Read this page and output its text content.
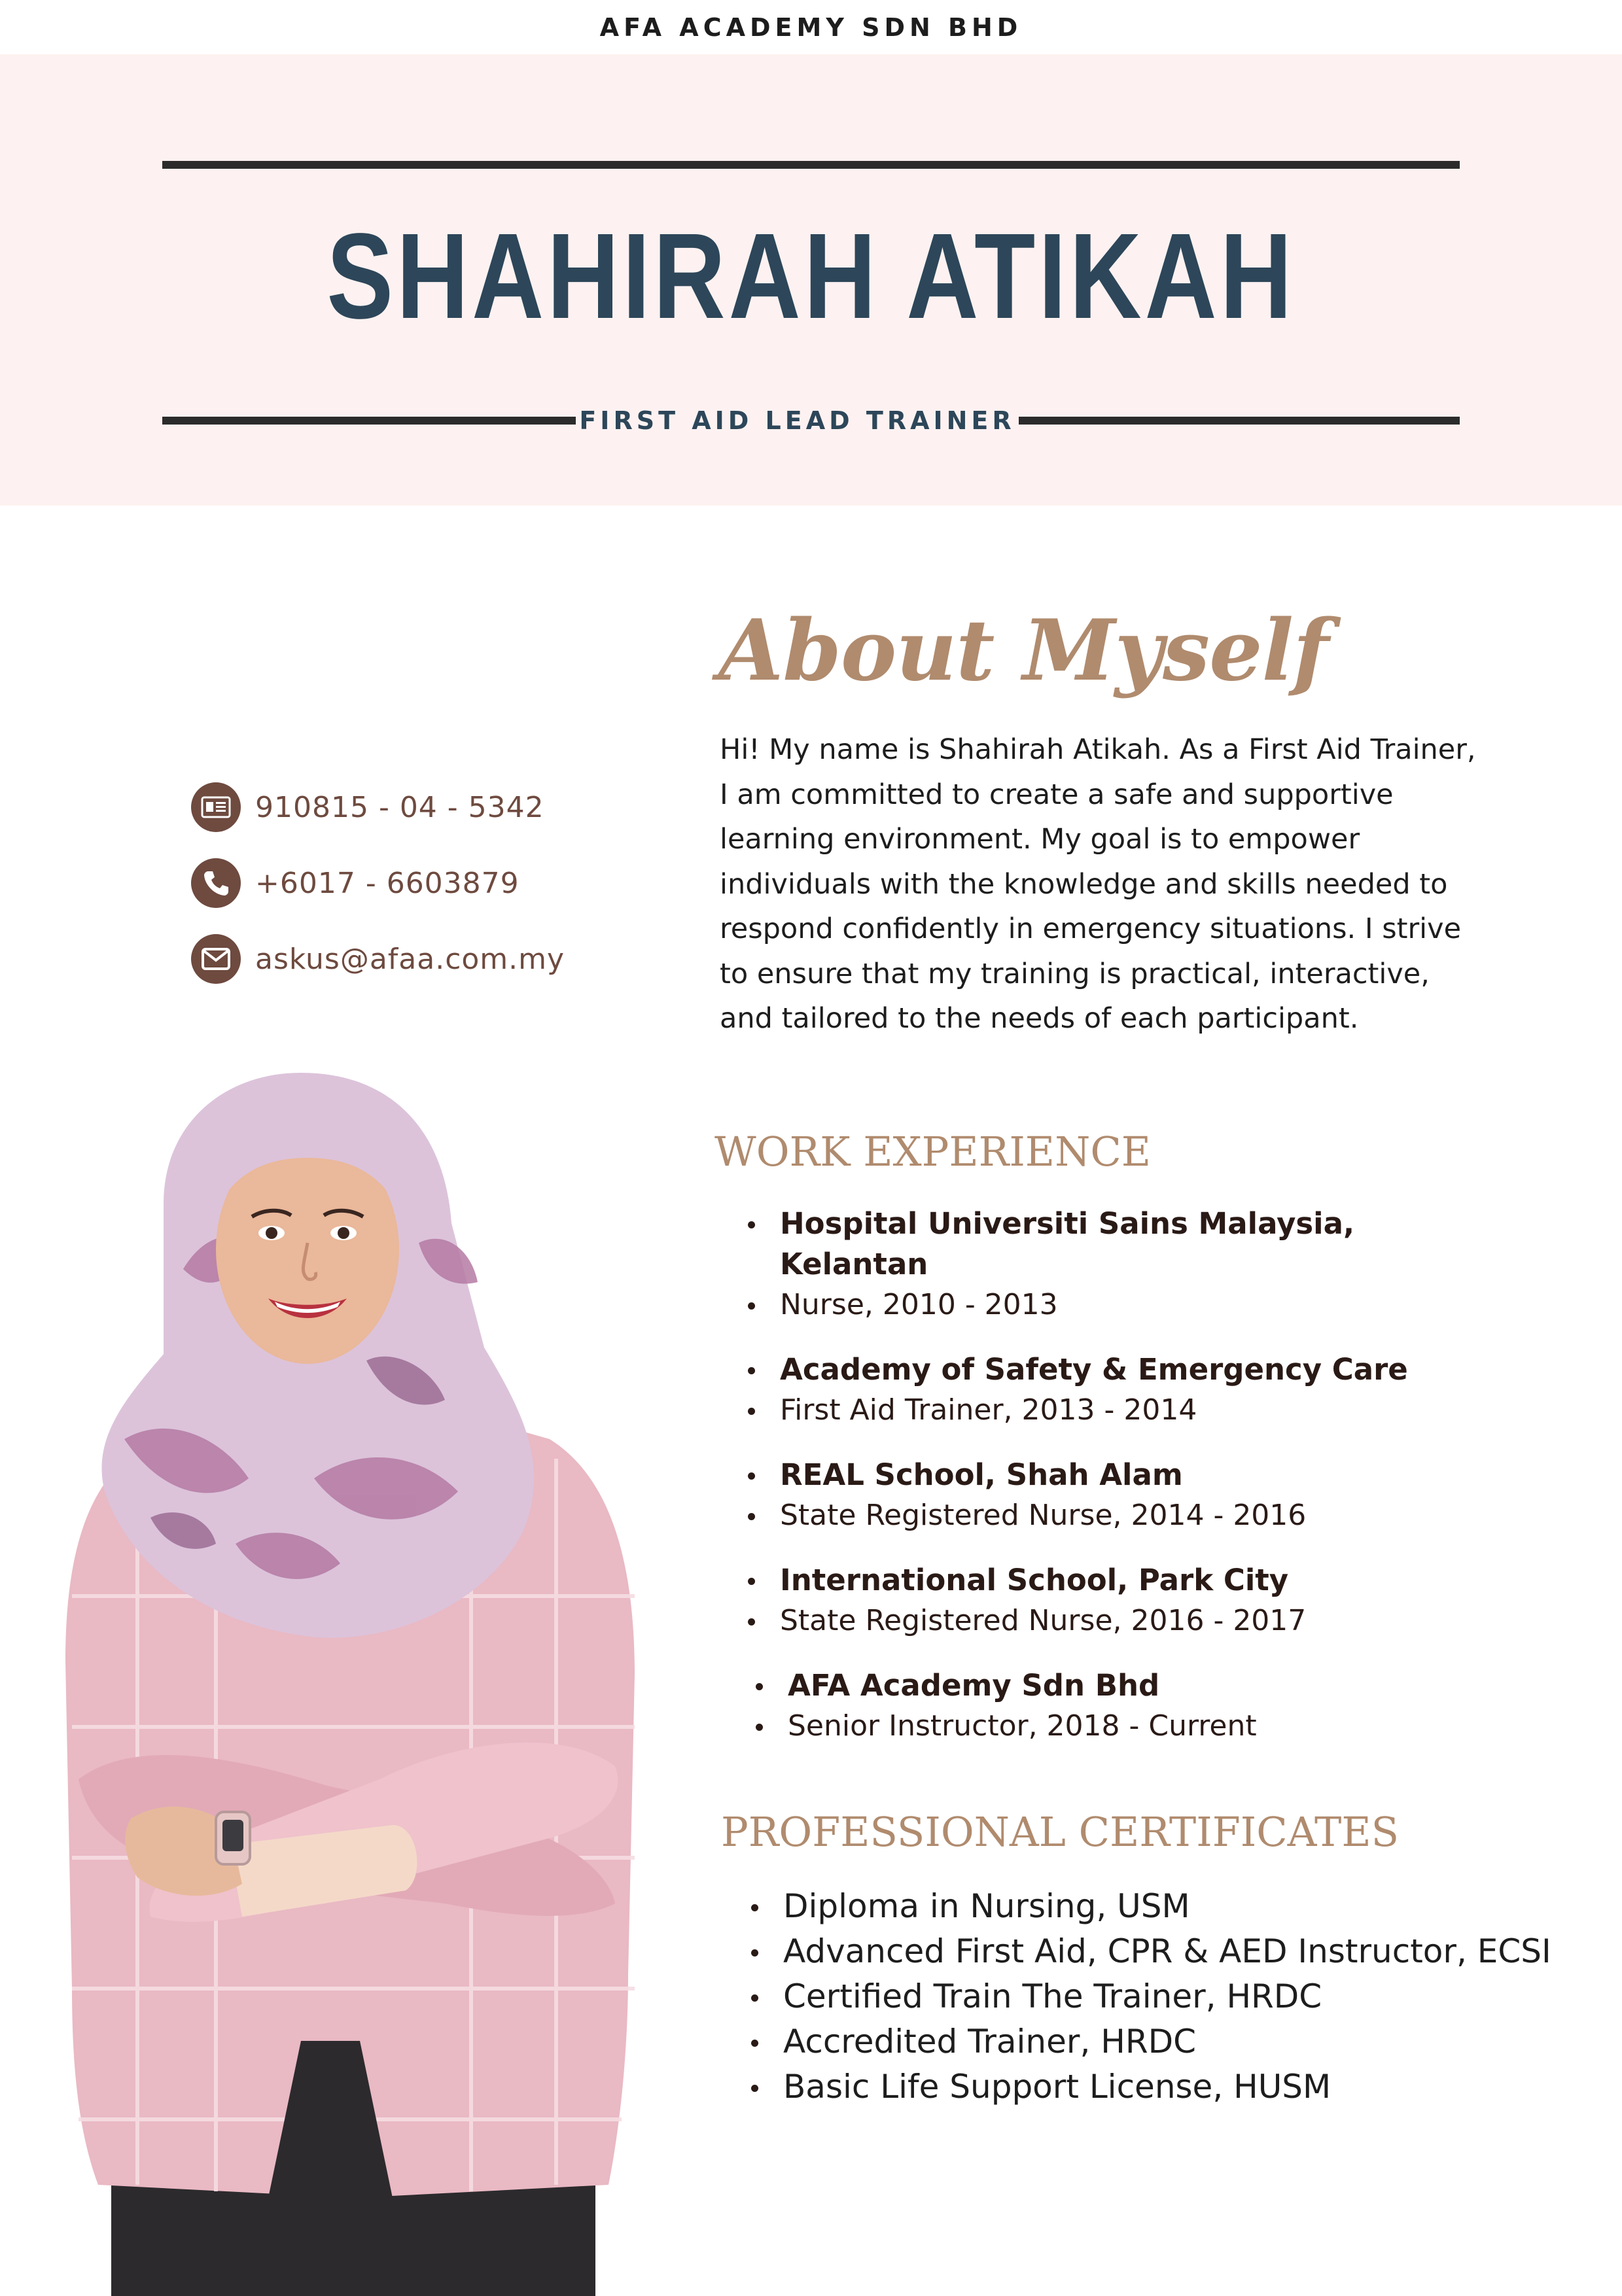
AFA ACADEMY SDN BHD
SHAHIRAH ATIKAH
FIRST AID LEAD TRAINER
910815 - 04 - 5342
+6017 - 6603879
askus@afaa.com.my
About Myself
Hi! My name is Shahirah Atikah. As a First Aid Trainer,
I am committed to create a safe and supportive
learning environment. My goal is to empower
individuals with the knowledge and skills needed to
respond confidently in emergency situations. I strive
to ensure that my training is practical, interactive,
and tailored to the needs of each participant.
WORK EXPERIENCE
Hospital Universiti Sains Malaysia,
Kelantan
Nurse, 2010 - 2013
Academy of Safety & Emergency Care
First Aid Trainer, 2013 - 2014
REAL School, Shah Alam
State Registered Nurse, 2014 - 2016
International School, Park City
State Registered Nurse, 2016 - 2017
AFA Academy Sdn Bhd
Senior Instructor, 2018 - Current
PROFESSIONAL CERTIFICATES
Diploma in Nursing, USM
Advanced First Aid, CPR & AED Instructor, ECSI
Certified Train The Trainer, HRDC
Accredited Trainer, HRDC
Basic Life Support License, HUSM
